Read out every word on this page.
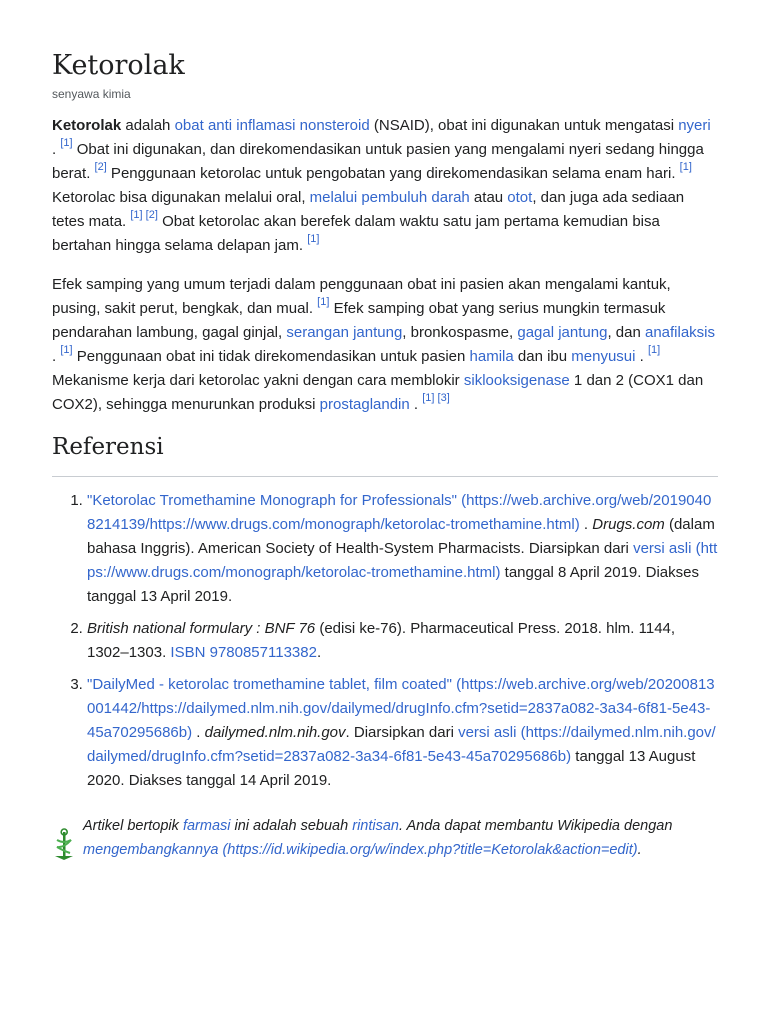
Ketorolak
senyawa kimia

Ketorolak adalah obat anti inflamasi nonsteroid (NSAID), obat ini digunakan untuk mengatasi nyeri . [1] Obat ini digunakan, dan direkomendasikan untuk pasien yang mengalami nyeri sedang hingga berat. [2] Penggunaan ketorolac untuk pengobatan yang direkomendasikan selama enam hari. [1] Ketorolac bisa digunakan melalui oral, melalui pembuluh darah atau otot, dan juga ada sediaan tetes mata. [1] [2] Obat ketorolac akan berefek dalam waktu satu jam pertama kemudian bisa bertahan hingga selama delapan jam. [1]

Efek samping yang umum terjadi dalam penggunaan obat ini pasien akan mengalami kantuk, pusing, sakit perut, bengkak, dan mual. [1] Efek samping obat yang serius mungkin termasuk pendarahan lambung, gagal ginjal, serangan jantung, bronkospasme, gagal jantung, dan anafilaksis . [1] Penggunaan obat ini tidak direkomendasikan untuk pasien hamila dan ibu menyusui . [1] Mekanisme kerja dari ketorolac yakni dengan cara memblokir siklooksigenase 1 dan 2 (COX1 dan COX2), sehingga menurunkan produksi prostaglandin . [1] [3]

Referensi
1. "Ketorolac Tromethamine Monograph for Professionals" (https://web.archive.org/web/20190408214139/https://www.drugs.com/monograph/ketorolac-tromethamine.html) . Drugs.com (dalam bahasa Inggris). American Society of Health-System Pharmacists. Diarsipkan dari versi asli (https://www.drugs.com/monograph/ketorolac-tromethamine.html) tanggal 8 April 2019. Diakses tanggal 13 April 2019.
2. British national formulary : BNF 76 (edisi ke-76). Pharmaceutical Press. 2018. hlm. 1144, 1302–1303. ISBN 9780857113382.
3. "DailyMed - ketorolac tromethamine tablet, film coated" (https://web.archive.org/web/20200813001442/https://dailymed.nlm.nih.gov/dailymed/drugInfo.cfm?setid=2837a082-3a34-6f81-5e43-45a70295686b) . dailymed.nlm.nih.gov. Diarsipkan dari versi asli (https://dailymed.nlm.nih.gov/dailymed/drugInfo.cfm?setid=2837a082-3a34-6f81-5e43-45a70295686b) tanggal 13 August 2020. Diakses tanggal 14 April 2019.
Artikel bertopik farmasi ini adalah sebuah rintisan. Anda dapat membantu Wikipedia dengan mengembangkannya (https://id.wikipedia.org/w/index.php?title=Ketorolak&action=edit).
